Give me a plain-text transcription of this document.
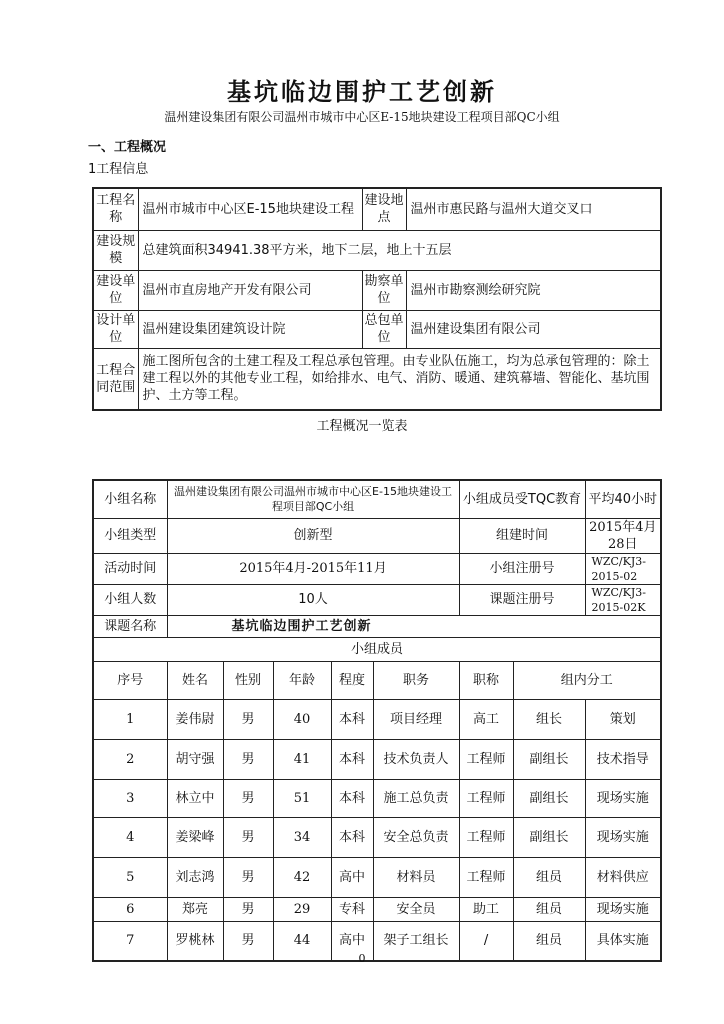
基坑临边围护工艺创新
温州建设集团有限公司温州市城市中心区E-15地块建设工程项目部QC小组
一、工程概况
1工程信息
工程名称	温州市城市中心区E-15地块建设工程	建设地点	温州市惠民路与温州大道交叉口
建设规模	总建筑面积34941.38平方米，地下二层，地上十五层		
建设单位	温州市直房地产开发有限公司	勘察单位	温州市勘察测绘研究院
设计单位	温州建设集团建筑设计院	总包单位	温州建设集团有限公司
工程合同范围	施工图所包含的土建工程及工程总承包管理。由专业队伍施工，均为总承包管理的：除土建工程以外的其他专业工程，如给排水、电气、消防、暖通、建筑幕墙、智能化、基坑围护、土方等工程。		
工程概况一览表
小组名称	温州建设集团有限公司温州市城市中心区E-15地块建设工程项目部QC小组					小组成员受TQC教育		平均40小时
小组类型	创新型					组建时间		2015年4月28日
活动时间	2015年4月-2015年11月					小组注册号		WZC/KJ3-2015-02
小组人数	10人					课题注册号		WZC/KJ3-2015-02K
课题名称	基坑临边围护工艺创新							
小组成员								
序号	姓名	性别	年龄	程度	职务	职称	组内分工	
1	姜伟尉	男	40	本科	项目经理	高工	组长	策划
2	胡守强	男	41	本科	技术负责人	工程师	副组长	技术指导
3	林立中	男	51	本科	施工总负责	工程师	副组长	现场实施
4	姜梁峰	男	34	本科	安全总负责	工程师	副组长	现场实施
5	刘志鸿	男	42	高中	材料员	工程师	组员	材料供应
6	郑亮	男	29	专科	安全员	助工	组员	现场实施
7	罗桃林	男	44	高中	架子工组长	/	组员	具体实施
0
